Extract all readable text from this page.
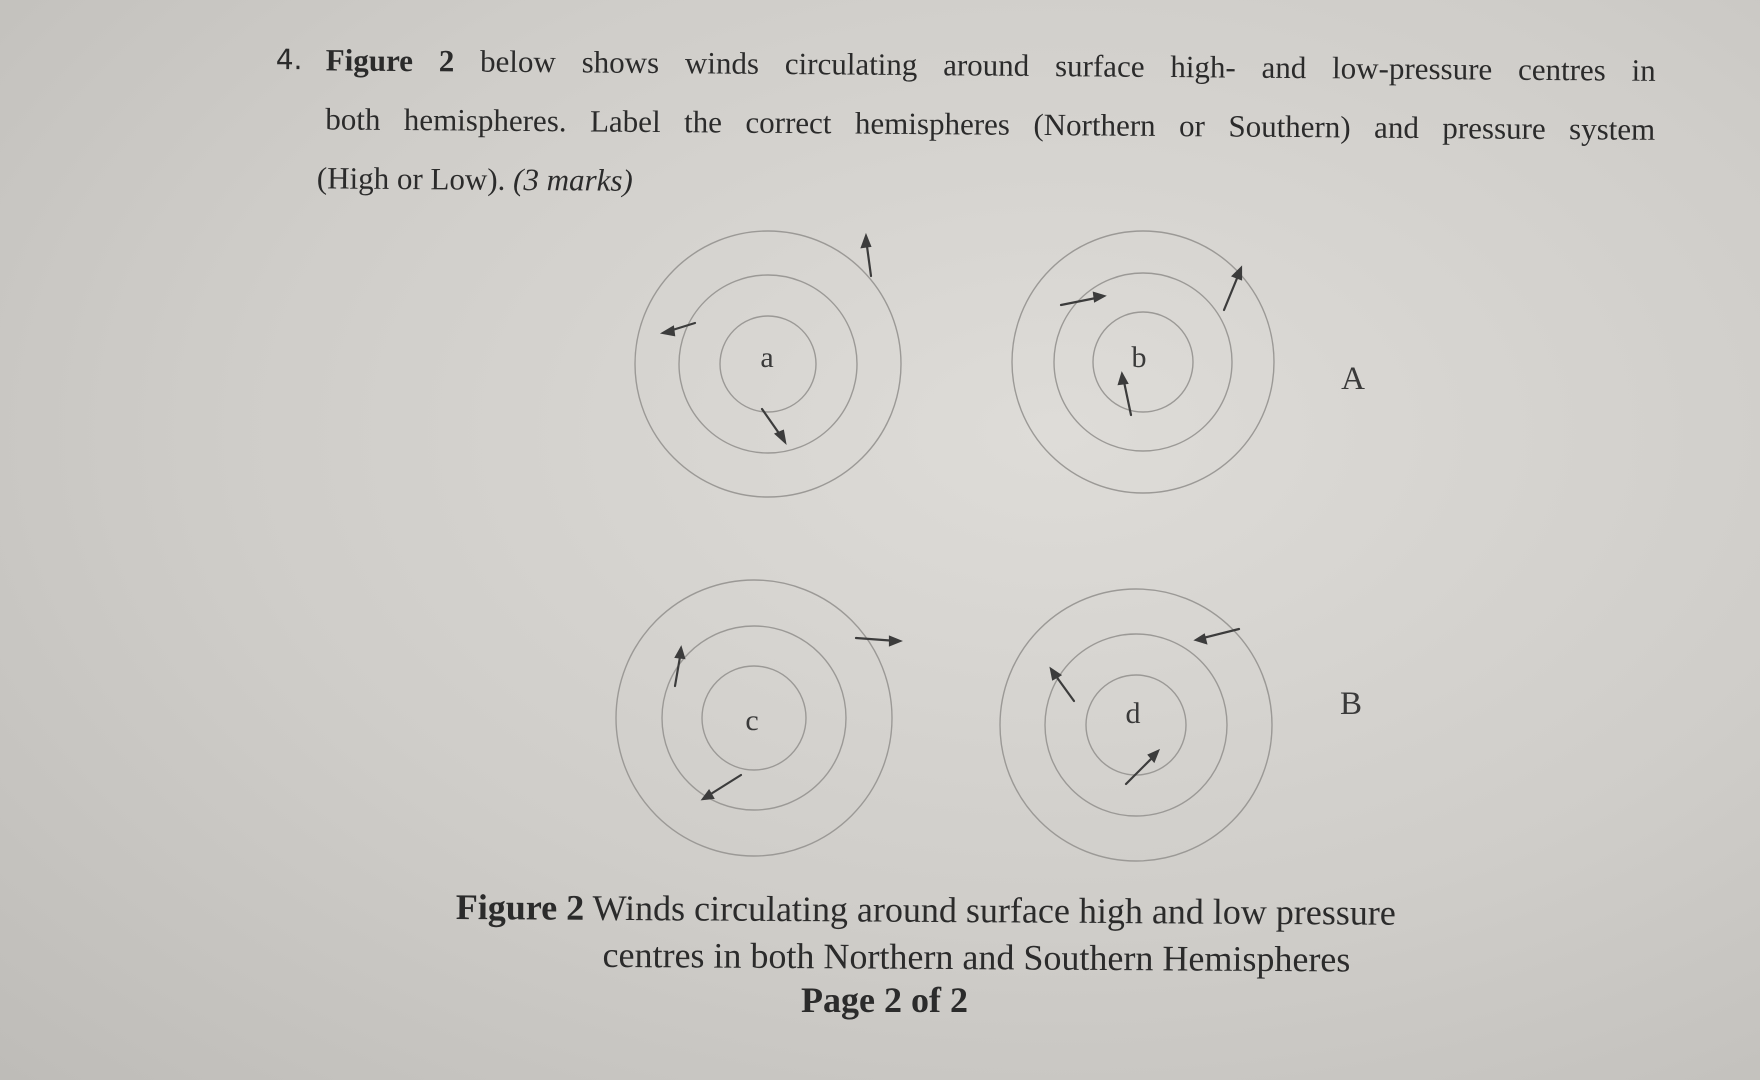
4. Figure 2 below shows winds circulating around surface high- and low-pressure centres in
both hemispheres. Label the correct hemispheres (Northern or Southern) and pressure system
(High or Low). (3 marks)
a	b
c	d
A
B
Figure 2 Winds circulating around surface high and low pressure
centres in both Northern and Southern Hemispheres
Page 2 of 2
